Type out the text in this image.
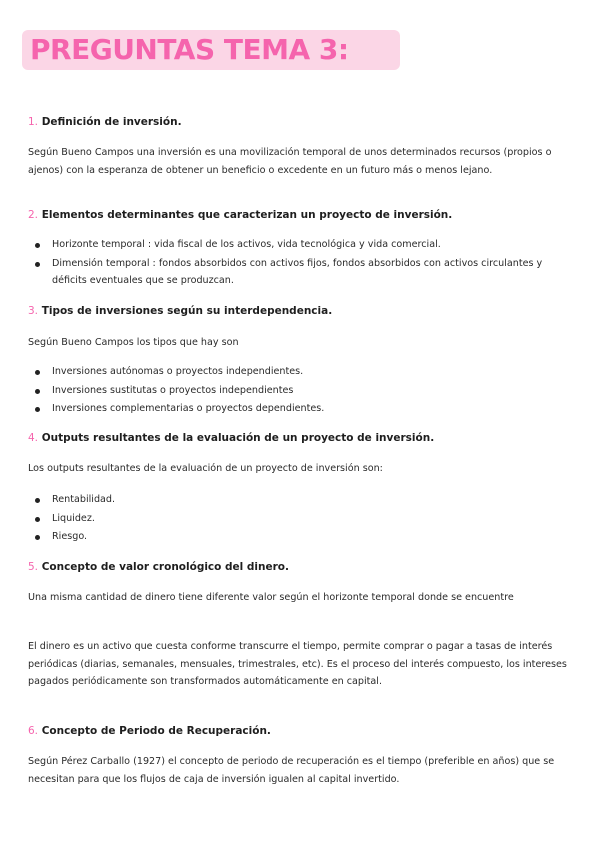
PREGUNTAS TEMA 3:
1. Definición de inversión.
Según Bueno Campos una inversión es una movilización temporal de unos determinados recursos (propios o ajenos) con la esperanza de obtener un beneficio o excedente en un futuro más o menos lejano.
2. Elementos determinantes que caracterizan un proyecto de inversión.
Horizonte temporal : vida fiscal de los activos, vida tecnológica y vida comercial.
Dimensión temporal : fondos absorbidos con activos fijos, fondos absorbidos con activos circulantes y déficits eventuales que se produzcan.
3. Tipos de inversiones según su interdependencia.
Según Bueno Campos los tipos que hay son
Inversiones autónomas o proyectos independientes.
Inversiones sustitutas o proyectos independientes
Inversiones complementarias o proyectos dependientes.
4. Outputs resultantes de la evaluación de un proyecto de inversión.
Los outputs resultantes de la evaluación de un proyecto de inversión son:
Rentabilidad.
Liquidez.
Riesgo.
5. Concepto de valor cronológico del dinero.
Una misma cantidad de dinero tiene diferente valor según el horizonte temporal donde se encuentre
El dinero es un activo que cuesta conforme transcurre el tiempo, permite comprar o pagar a tasas de interés periódicas (diarias, semanales, mensuales, trimestrales, etc). Es el proceso del interés compuesto, los intereses pagados periódicamente son transformados automáticamente en capital.
6. Concepto de Periodo de Recuperación.
Según Pérez Carballo (1927) el concepto de periodo de recuperación es el tiempo (preferible en años) que se necesitan para que los flujos de caja de inversión igualen al capital invertido.
